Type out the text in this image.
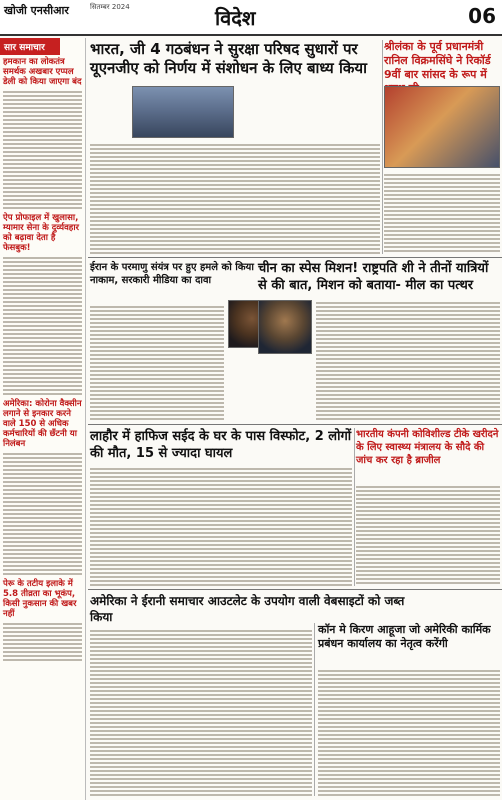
खोजी एनसीआर	सितम्बर 2024	विदेश	06
सार समाचार
हमकान का लोकतंत्र समर्थक अखबार एप्पल डेली को किया जाएगा बंद
ऐप प्रोफाइल में खुलासा, म्यामार सेना के दुर्व्यवहार को बढ़ावा देता है फेसबुक!
अमेरिका: कोरोना वैक्सीन लगाने से इनकार करने वाले 150 से अधिक कर्मचारियों की छँटनी या निलंबन
पेरू के तटीय इलाके में 5.8 तीव्रता का भूकंप, किसी नुकसान की खबर नहीं
भारत, जी 4 गठबंधन ने सुरक्षा परिषद सुधारों पर यूएनजीए को निर्णय में संशोधन के लिए बाध्य किया
श्रीलंका के पूर्व प्रधानमंत्री रानिल विक्रमसिंघे ने रिकॉर्ड 9वीं बार सांसद के रूप में
ईरान के परमाणु संयंत्र पर हुए हमले को किया नाकाम, सरकारी मीडिया का दावा
चीन का स्पेस मिशन! राष्ट्रपति शी ने तीनों यात्रियों से की बात, मिशन को बताया- मील का पत्थर
लाहौर में हाफिज सईद के घर के पास विस्फोट, 2 लोगों की मौत, 15 से ज्यादा घायल
भारतीय कंपनी कोविशील्ड टीके खरीदने के लिए स्वास्थ्य मंत्रालय के सौदे की जांच कर रहा है ब्राजील
अमेरिका ने ईरानी समाचार आउटलेट के उपयोग वाली वेबसाइटों को जब्त किया
कॉन मे किरण आहूजा जो अमेरिकी कार्मिक प्रबंधन कार्यालय का नेतृत्व करेंगी
